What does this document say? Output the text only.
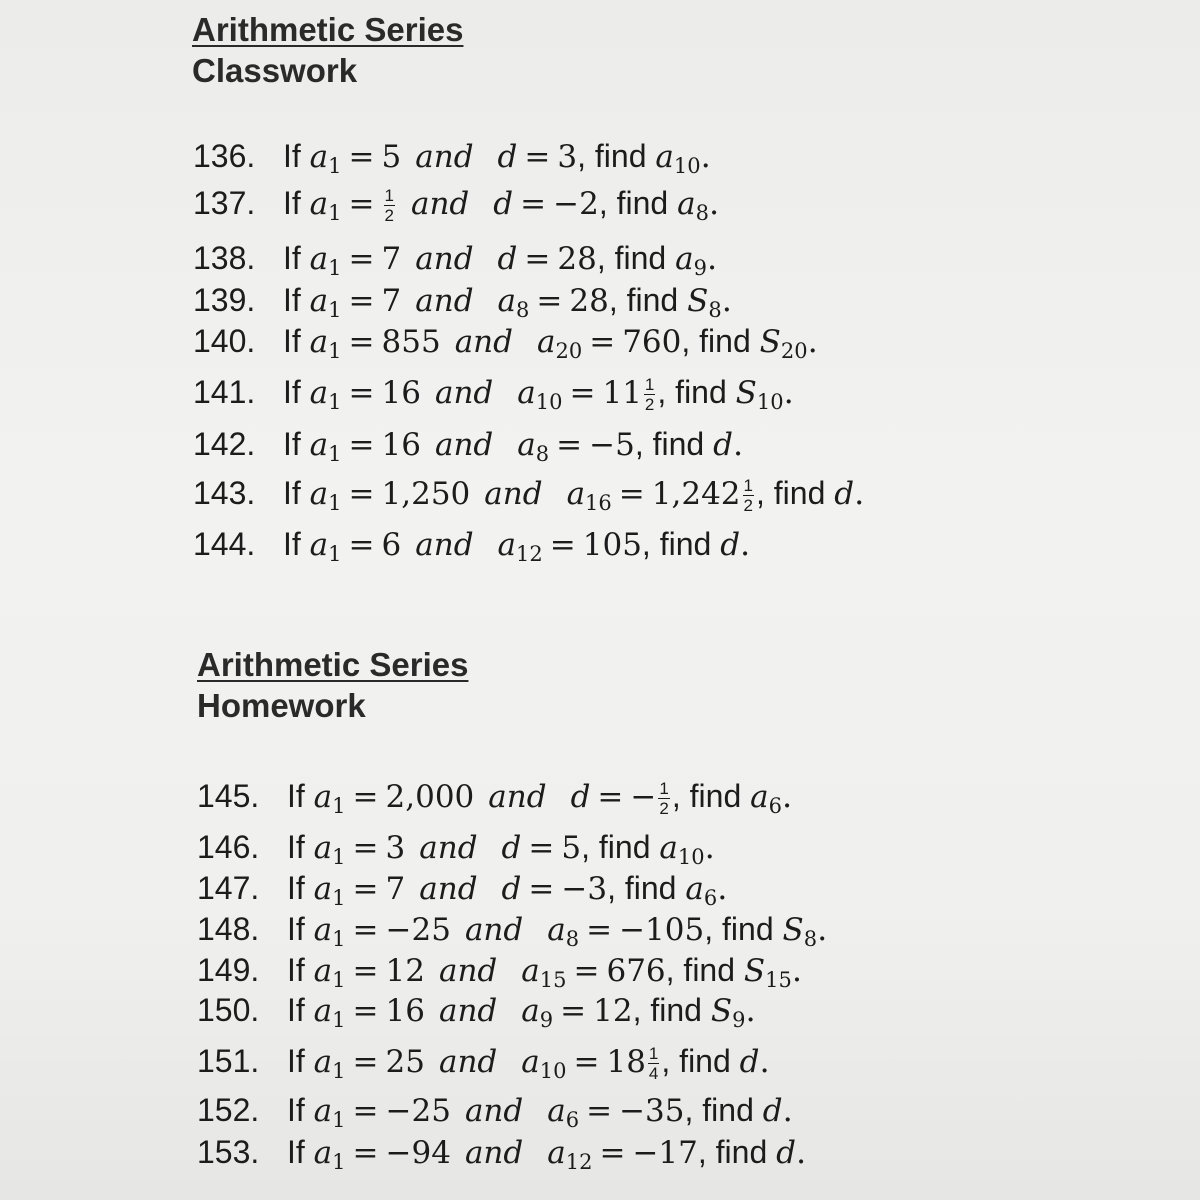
Arithmetic Series
Classwork
136. If $a_1 = 5$ and d = 3, find $a_{10}$.
137. If $a_1 = \frac{1}{2}$ and d = −2, find $a_8$.
138. If $a_1 = 7$ and d = 28, find $a_9$.
139. If $a_1 = 7$ and $a_8 = 28$, find $S_8$.
140. If $a_1 = 855$ and $a_{20} = 760$, find $S_{20}$.
141. If $a_1 = 16$ and $a_{10} = 11 \frac{1}{2}$ , find $S_{10}$.
142. If $a_1 = 16$ and $a_8 = -5$, find d.
143. If $a_1 = 1,250$ and $a_{16} = 1,242 \frac{1}{2}$ , find d.
144. If $a_1 = 6$ and $a_{12} = 105$, find d.
Arithmetic Series
Homework
145. If $a_1 = 2,000$ and d = − $\frac{1}{2}$ , find $a_6$.
146. If $a_1 = 3$ and d = 5, find $a_{10}$.
147. If $a_1 = 7$ and d = −3, find $a_6$.
148. If $a_1 = -25$ and $a_8 = -105$, find $S_8$.
149. If $a_1 = 12$ and $a_{15} = 676$, find $S_{15}$.
150. If $a_1 = 16$ and $a_9 = 12$, find $S_9$.
151. If $a_1 = 25$ and $a_{10} = 18 \frac{1}{4}$ , find d.
152. If $a_1 = -25$ and $a_6 = -35$, find d.
153. If $a_1 = -94$ and $a_{12} = -17$, find d.
